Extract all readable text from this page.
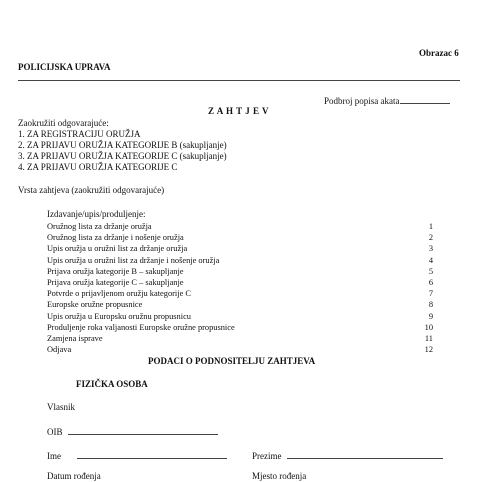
Obrazac 6
POLICIJSKA UPRAVA
Podbroj popisa akata
Z A H T J E V
Zaokružiti odgovarajuće:
1. ZA REGISTRACIJU ORUŽJA
2. ZA PRIJAVU ORUŽJA KATEGORIJE B (sakupljanje)
3. ZA PRIJAVU ORUŽJA KATEGORIJE C (sakupljanje)
4. ZA PRIJAVU ORUŽJA KATEGORIJE C
Vrsta zahtjeva (zaokružiti odgovarajuće)
Izdavanje/upis/produljenje:
Oružnog lista za držanje oružja	1
Oružnog lista za držanje i nošenje oružja	2
Upis oružja u oružni list za držanje oružja	3
Upis oružja u oružni list za držanje i nošenje oružja	4
Prijava oružja kategorije B – sakupljanje	5
Prijava oružja kategorije C – sakupljanje	6
Potvrde o prijavljenom oružju kategorije C	7
Europske oružne propusnice	8
Upis oružja u Europsku oružnu propusnicu	9
Produljenje roka valjanosti Europske oružne propusnice	10
Zamjena isprave	11
Odjava	12
PODACI O PODNOSITELJU ZAHTJEVA
FIZIČKA OSOBA
Vlasnik
OIB
Ime	Prezime
Datum rođenja	Mjesto rođenja
